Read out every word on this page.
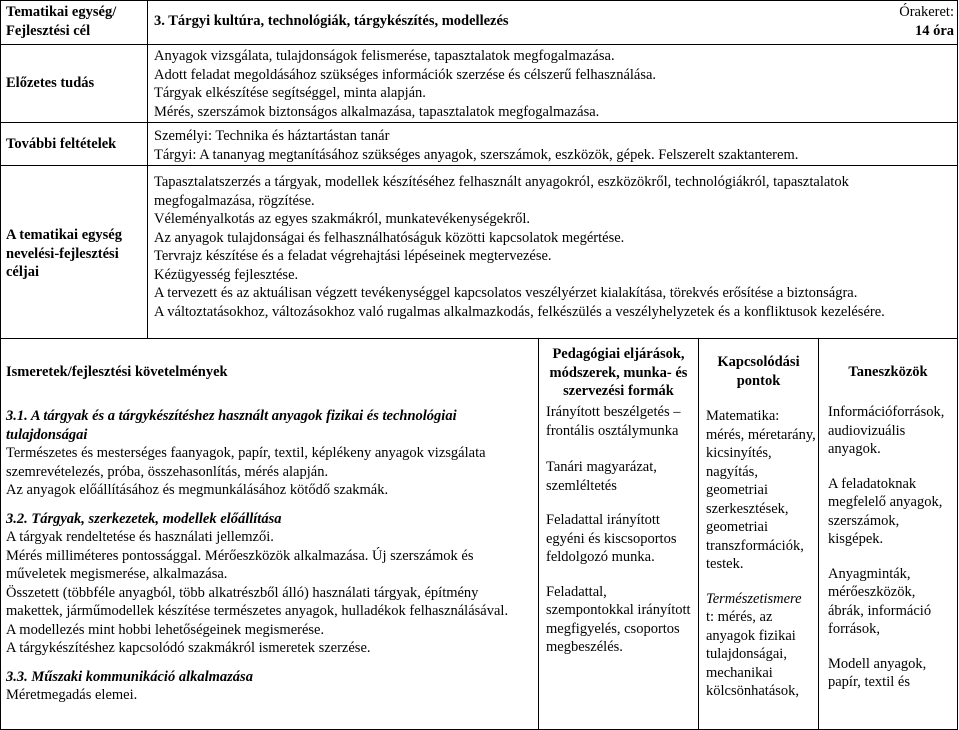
Tematikai egység/ Fejlesztési cél
3. Tárgyi kultúra, technológiák, tárgykészítés, modellezés
Órakeret:
14 óra
Előzetes tudás
Anyagok vizsgálata, tulajdonságok felismerése, tapasztalatok megfogalmazása.
Adott feladat megoldásához szükséges információk szerzése és célszerű felhasználása.
Tárgyak elkészítése segítséggel, minta alapján.
Mérés, szerszámok biztonságos alkalmazása, tapasztalatok megfogalmazása.
További feltételek	Személyi: Technika és háztartástan tanár
Tárgyi: A tananyag megtanításához szükséges anyagok, szerszámok, eszközök, gépek. Felszerelt szaktanterem.
A tematikai egység nevelési-fejlesztési céljai
Tapasztalatszerzés a tárgyak, modellek készítéséhez felhasznált anyagokról, eszközökről, technológiákról, tapasztalatok megfogalmazása, rögzítése.
Véleményalkotás az egyes szakmákról, munkatevékenységekről.
Az anyagok tulajdonságai és felhasználhatóságuk közötti kapcsolatok megértése.
Tervrajz készítése és a feladat végrehajtási lépéseinek megtervezése.
Kézügyesség fejlesztése.
A tervezett és az aktuálisan végzett tevékenységgel kapcsolatos veszélyérzet kialakítása, törekvés erősítése a biztonságra.
A változtatásokhoz, változásokhoz való rugalmas alkalmazkodás, felkészülés a veszélyhelyzetek és a konfliktusok kezelésére.
Ismeretek/fejlesztési követelmények
Pedagógiai eljárások, módszerek, munka- és szervezési formák
Kapcsolódási pontok
Taneszközök
3.1. A tárgyak és a tárgykészítéshez használt anyagok fizikai és technológiai tulajdonságai
Természetes és mesterséges faanyagok, papír, textil, képlékeny anyagok vizsgálata szemrevételezés, próba, összehasonlítás, mérés alapján.
Az anyagok előállításához és megmunkálásához kötődő szakmák.
3.2. Tárgyak, szerkezetek, modellek előállítása
A tárgyak rendeltetése és használati jellemzői.
Mérés milliméteres pontossággal. Mérőeszközök alkalmazása. Új szerszámok és műveletek megismerése, alkalmazása.
Összetett (többféle anyagból, több alkatrészből álló) használati tárgyak, építmény makettek, járműmodellek készítése természetes anyagok, hulladékok felhasználásával.
A modellezés mint hobbi lehetőségeinek megismerése.
A tárgykészítéshez kapcsolódó szakmákról ismeretek szerzése.
3.3. Műszaki kommunikáció alkalmazása
Méretmegadás elemei.
Irányított beszélgetés – frontális osztálymunka
Tanári magyarázat, szemléltetés
Feladattal irányított egyéni és kiscsoportos feldolgozó munka.
Feladattal, szempontokkal irányított megfigyelés, csoportos megbeszélés.
Matematika:
mérés, méretarány, kicsinyítés, nagyítás, geometriai szerkesztések, geometriai transzformációk, testek.
Természetismere
t: mérés, az anyagok fizikai tulajdonságai, mechanikai kölcsönhatások,
Információforrások, audiovizuális anyagok.
A feladatoknak megfelelő anyagok, szerszámok, kisgépek.
Anyagminták, mérőeszközök, ábrák, információ források,
Modell anyagok, papír, textil és
